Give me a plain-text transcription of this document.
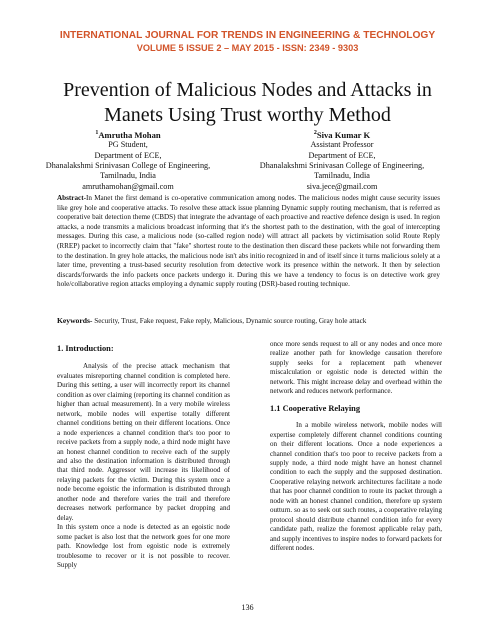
INTERNATIONAL JOURNAL FOR TRENDS IN ENGINEERING & TECHNOLOGY
VOLUME 5 ISSUE 2 – MAY 2015 - ISSN: 2349 - 9303
Prevention of Malicious Nodes and Attacks in
Manets Using Trust worthy Method
$^1$Amrutha Mohan
PG Student,
Department of ECE,
Dhanalakshmi Srinivasan College of Engineering,
Tamilnadu, India
amruthamohan@gmail.com
$^2$Siva Kumar K
Assistant Professor
Department of ECE,
Dhanalakshmi Srinivasan College of Engineering,
Tamilnadu, India
siva.jece@gmail.com
Abstract-In Manet the first demand is co-operative communication among nodes. The malicious nodes might cause security issues like grey hole and cooperative attacks. To resolve these attack issue planning Dynamic supply routing mechanism, that is referred as cooperative bait detection theme (CBDS) that integrate the advantage of each proactive and reactive defence design is used. In region attacks, a node transmits a malicious broadcast informing that it's the shortest path to the destination, with the goal of intercepting messages. During this case, a malicious node (so-called region node) will attract all packets by victimisation solid Route Reply (RREP) packet to incorrectly claim that "fake" shortest route to the destination then discard these packets while not forwarding them to the destination. In grey hole attacks, the malicious node isn't abs initio recognized in and of itself since it turns malicious solely at a later time, preventing a trust-based security resolution from detective work its presence within the network. It then by selection discards/forwards the info packets once packets undergo it. During this we have a tendency to focus is on detective work grey hole/collaborative region attacks employing a dynamic supply routing (DSR)-based routing technique.
Keywords- Security, Trust, Fake request, Fake reply, Malicious, Dynamic source routing, Gray hole attack
1. Introduction:

Analysis of the precise attack mechanism that evaluates misreporting channel condition is completed here. During this setting, a user will incorrectly report its channel condition as over claiming (reporting its channel condition as higher than actual measurement). In a very mobile wireless network, mobile nodes will expertise totally different channel conditions betting on their different locations. Once a node experiences a channel condition that's too poor to receive packets from a supply node, a third node might have an honest channel condition to receive each of the supply and also the destination information is distributed through that third node. Aggressor will increase its likelihood of relaying packets for the victim. During this system once a node become egoistic the information is distributed through another node and therefore varies the trail and therefore decreases network performance by packet dropping and delay.

In this system once a node is detected as an egoistic node some packet is also lost that the network goes for one more path. Knowledge lost from egoistic node is extremely troublesome to recover or it is not possible to recover. Supply

once more sends request to all or any nodes and once more realize another path for knowledge causation therefore supply seeks for a replacement path whenever miscalculation or egoistic node is detected within the network. This might increase delay and overhead within the network and reduces network performance.

1.1 Cooperative Relaying

In a mobile wireless network, mobile nodes will expertise completely different channel conditions counting on their different locations. Once a node experiences a channel condition that's too poor to receive packets from a supply node, a third node might have an honest channel condition to each the supply and the supposed destination. Cooperative relaying network architectures facilitate a node that has poor channel condition to route its packet through a node with an honest channel condition, therefore up system outturn. so as to seek out such routes, a cooperative relaying protocol should distribute channel condition info for every candidate path, realize the foremost applicable relay path, and supply incentives to inspire nodes to forward packets for different nodes.

136
